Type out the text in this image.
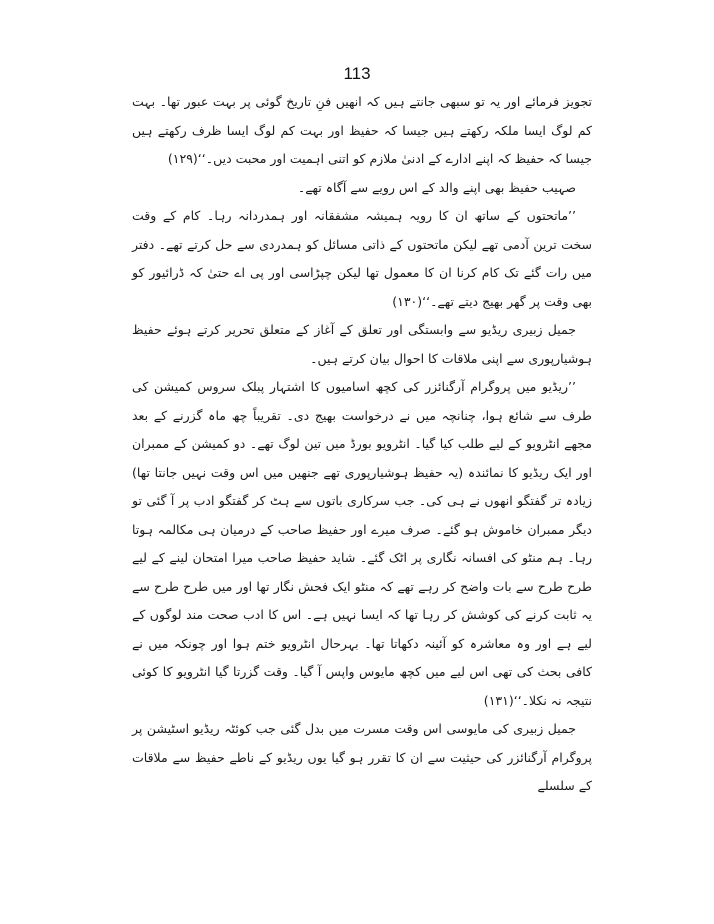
113

تجویز فرمائے اور یہ تو سبھی جانتے ہیں کہ انھیں فنِ تاریخ گوئی پر بہت عبور تھا۔ بہت کم لوگ ایسا ملکہ رکھتے ہیں جیسا کہ حفیظ اور بہت کم لوگ ایسا ظرف رکھتے ہیں جیسا کہ حفیظ کہ اپنے ادارے کے ادنیٰ ملازم کو اتنی اہمیت اور محبت دیں۔‘‘(۱۲۹)

صہیب حفیظ بھی اپنے والد کے اس رویے سے آگاہ تھے۔

’’ماتحتوں کے ساتھ ان کا رویہ ہمیشہ مشفقانہ اور ہمدردانہ رہا۔ کام کے وقت سخت ترین آدمی تھے لیکن ماتحتوں کے ذاتی مسائل کو ہمدردی سے حل کرتے تھے۔ دفتر میں رات گئے تک کام کرنا ان کا معمول تھا لیکن چپڑاسی اور پی اے حتیٰ کہ ڈرائیور کو بھی وقت پر گھر بھیج دیتے تھے۔‘‘(۱۳۰)

جمیل زبیری ریڈیو سے وابستگی اور تعلق کے آغاز کے متعلق تحریر کرتے ہوئے حفیظ ہوشیارپوری سے اپنی ملاقات کا احوال بیان کرتے ہیں۔

’’ریڈیو میں پروگرام آرگنائزر کی کچھ اسامیوں کا اشتہار پبلک سروس کمیشن کی طرف سے شائع ہوا، چنانچہ میں نے درخواست بھیج دی۔ تقریباً چھ ماہ گزرنے کے بعد مجھے انٹرویو کے لیے طلب کیا گیا۔ انٹرویو بورڈ میں تین لوگ تھے۔ دو کمیشن کے ممبران اور ایک ریڈیو کا نمائندہ (یہ حفیظ ہوشیارپوری تھے جنھیں میں اس وقت نہیں جانتا تھا) زیادہ تر گفتگو انھوں نے ہی کی۔ جب سرکاری باتوں سے ہٹ کر گفتگو ادب پر آ گئی تو دیگر ممبران خاموش ہو گئے۔ صرف میرے اور حفیظ صاحب کے درمیان ہی مکالمہ ہوتا رہا۔ ہم منٹو کی افسانہ نگاری پر اٹک گئے۔ شاید حفیظ صاحب میرا امتحان لینے کے لیے طرح طرح سے بات واضح کر رہے تھے کہ منٹو ایک فحش نگار تھا اور میں طرح طرح سے یہ ثابت کرنے کی کوشش کر رہا تھا کہ ایسا نہیں ہے۔ اس کا ادب صحت مند لوگوں کے لیے ہے اور وہ معاشرہ کو آئینہ دکھاتا تھا۔ بہرحال انٹرویو ختم ہوا اور چونکہ میں نے کافی بحث کی تھی اس لیے میں کچھ مایوس واپس آ گیا۔ وقت گزرتا گیا انٹرویو کا کوئی نتیجہ نہ نکلا۔‘‘(۱۳۱)

جمیل زبیری کی مایوسی اس وقت مسرت میں بدل گئی جب کوئٹہ ریڈیو اسٹیشن پر پروگرام آرگنائزر کی حیثیت سے ان کا تقرر ہو گیا یوں ریڈیو کے ناطے حفیظ سے ملاقات کے سلسلے
